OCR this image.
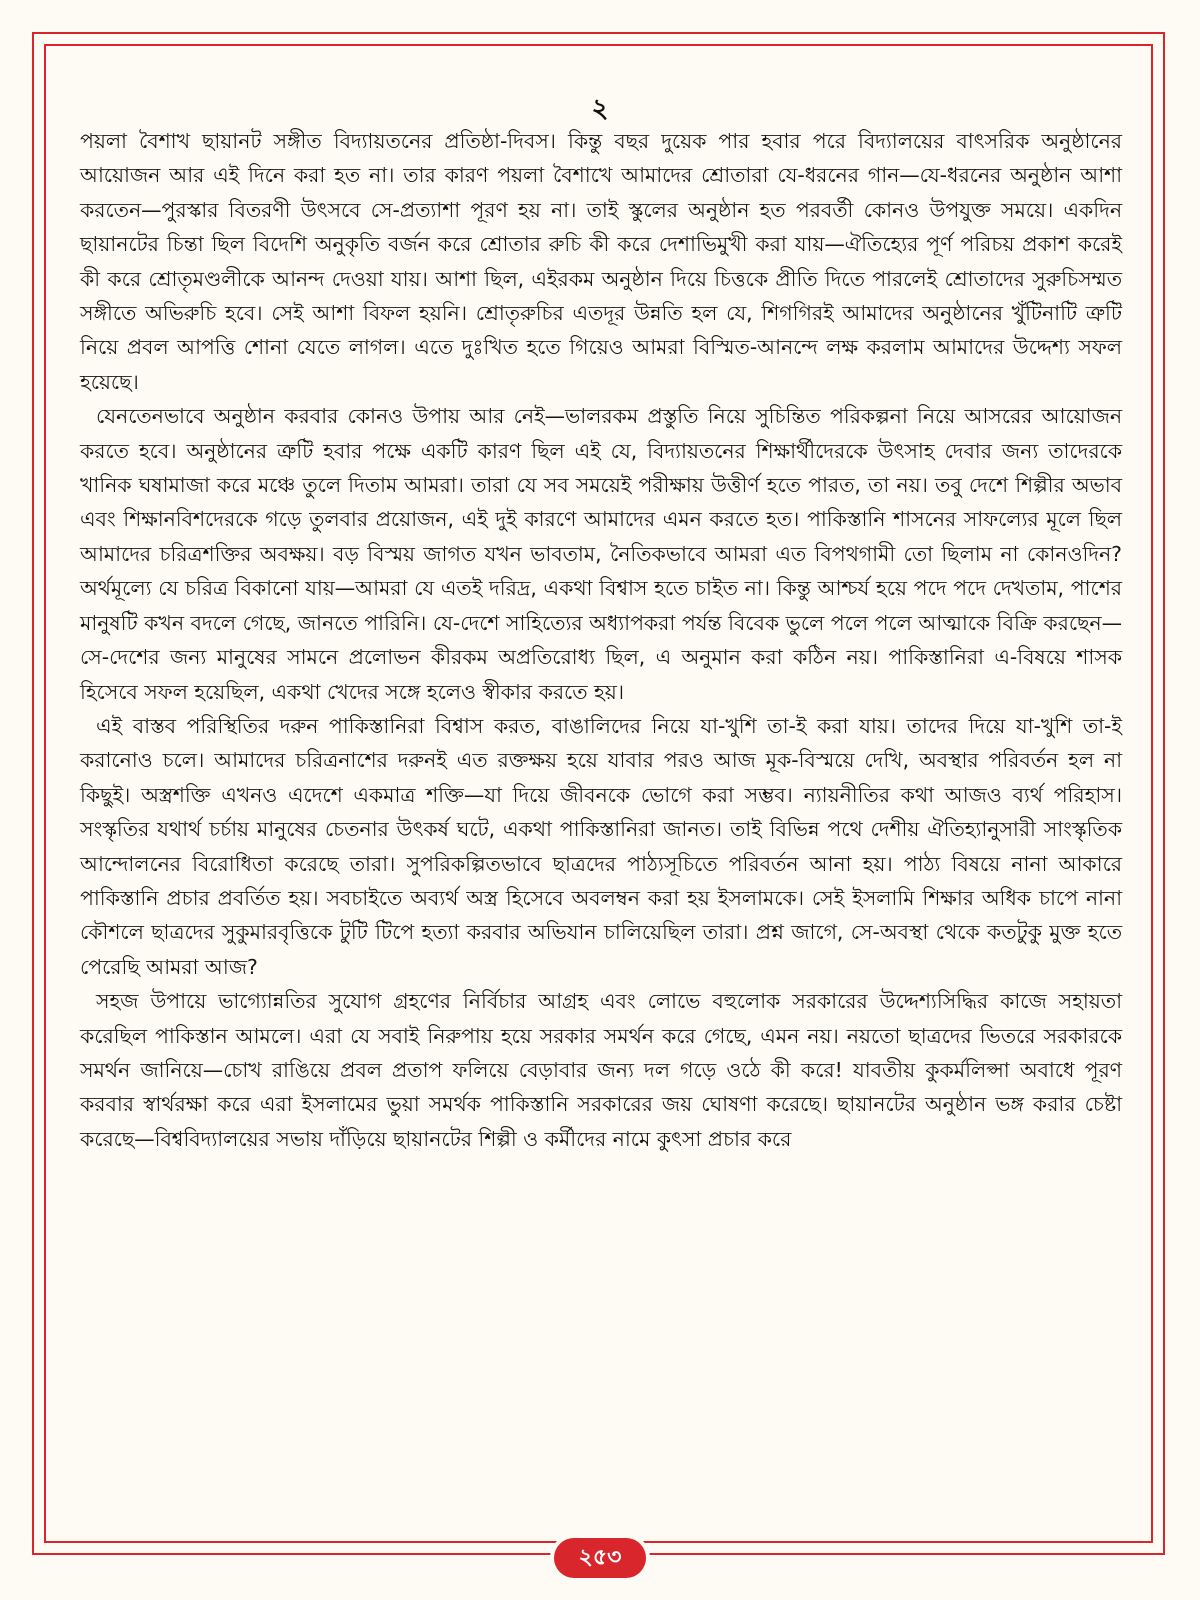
২

পয়লা বৈশাখ ছায়ানট সঙ্গীত বিদ্যায়তনের প্রতিষ্ঠা-দিবস। কিন্তু বছর দুয়েক পার হবার পরে বিদ্যালয়ের বাৎসরিক অনুষ্ঠানের আয়োজন আর এই দিনে করা হত না। তার কারণ পয়লা বৈশাখে আমাদের শ্রোতারা যে-ধরনের গান—যে-ধরনের অনুষ্ঠান আশা করতেন—পুরস্কার বিতরণী উৎসবে সে-প্রত্যাশা পূরণ হয় না। তাই স্কুলের অনুষ্ঠান হত পরবর্তী কোনও উপযুক্ত সময়ে। একদিন ছায়ানটের চিন্তা ছিল বিদেশি অনুকৃতি বর্জন করে শ্রোতার রুচি কী করে দেশাভিমুখী করা যায়—ঐতিহ্যের পূর্ণ পরিচয় প্রকাশ করেই কী করে শ্রোতৃমণ্ডলীকে আনন্দ দেওয়া যায়। আশা ছিল, এইরকম অনুষ্ঠান দিয়ে চিত্তকে প্রীতি দিতে পারলেই শ্রোতাদের সুরুচিসম্মত সঙ্গীতে অভিরুচি হবে। সেই আশা বিফল হয়নি। শ্রোতৃরুচির এতদূর উন্নতি হল যে, শিগগিরই আমাদের অনুষ্ঠানের খুঁটিনাটি ত্রুটি নিয়ে প্রবল আপত্তি শোনা যেতে লাগল। এতে দুঃখিত হতে গিয়েও আমরা বিস্মিত-আনন্দে লক্ষ করলাম আমাদের উদ্দেশ্য সফল হয়েছে।

যেনতেনভাবে অনুষ্ঠান করবার কোনও উপায় আর নেই—ভালরকম প্রস্তুতি নিয়ে সুচিন্তিত পরিকল্পনা নিয়ে আসরের আয়োজন করতে হবে। অনুষ্ঠানের ত্রুটি হবার পক্ষে একটি কারণ ছিল এই যে, বিদ্যায়তনের শিক্ষার্থীদেরকে উৎসাহ দেবার জন্য তাদেরকে খানিক ঘষামাজা করে মঞ্চে তুলে দিতাম আমরা। তারা যে সব সময়েই পরীক্ষায় উত্তীর্ণ হতে পারত, তা নয়। তবু দেশে শিল্পীর অভাব এবং শিক্ষানবিশদেরকে গড়ে তুলবার প্রয়োজন, এই দুই কারণে আমাদের এমন করতে হত। পাকিস্তানি শাসনের সাফল্যের মূলে ছিল আমাদের চরিত্রশক্তির অবক্ষয়। বড় বিস্ময় জাগত যখন ভাবতাম, নৈতিকভাবে আমরা এত বিপথগামী তো ছিলাম না কোনওদিন? অর্থমূল্যে যে চরিত্র বিকানো যায়—আমরা যে এতই দরিদ্র, একথা বিশ্বাস হতে চাইত না। কিন্তু আশ্চর্য হয়ে পদে পদে দেখতাম, পাশের মানুষটি কখন বদলে গেছে, জানতে পারিনি। যে-দেশে সাহিত্যের অধ্যাপকরা পর্যন্ত বিবেক ভুলে পলে পলে আত্মাকে বিক্রি করছেন—সে-দেশের জন্য মানুষের সামনে প্রলোভন কীরকম অপ্রতিরোধ্য ছিল, এ অনুমান করা কঠিন নয়। পাকিস্তানিরা এ-বিষয়ে শাসক হিসেবে সফল হয়েছিল, একথা খেদের সঙ্গে হলেও স্বীকার করতে হয়।

এই বাস্তব পরিস্থিতির দরুন পাকিস্তানিরা বিশ্বাস করত, বাঙালিদের নিয়ে যা-খুশি তা-ই করা যায়। তাদের দিয়ে যা-খুশি তা-ই করানোও চলে। আমাদের চরিত্রনাশের দরুনই এত রক্তক্ষয় হয়ে যাবার পরও আজ মূক-বিস্ময়ে দেখি, অবস্থার পরিবর্তন হল না কিছুই। অস্ত্রশক্তি এখনও এদেশে একমাত্র শক্তি—যা দিয়ে জীবনকে ভোগে করা সম্ভব। ন্যায়নীতির কথা আজও ব্যর্থ পরিহাস। সংস্কৃতির যথার্থ চর্চায় মানুষের চেতনার উৎকর্ষ ঘটে, একথা পাকিস্তানিরা জানত। তাই বিভিন্ন পথে দেশীয় ঐতিহ্যানুসারী সাংস্কৃতিক আন্দোলনের বিরোধিতা করেছে তারা। সুপরিকল্পিতভাবে ছাত্রদের পাঠ্যসূচিতে পরিবর্তন আনা হয়। পাঠ্য বিষয়ে নানা আকারে পাকিস্তানি প্রচার প্রবর্তিত হয়। সবচাইতে অব্যর্থ অস্ত্র হিসেবে অবলম্বন করা হয় ইসলামকে। সেই ইসলামি শিক্ষার অধিক চাপে নানা কৌশলে ছাত্রদের সুকুমারবৃত্তিকে টুটি টিপে হত্যা করবার অভিযান চালিয়েছিল তারা। প্রশ্ন জাগে, সে-অবস্থা থেকে কতটুকু মুক্ত হতে পেরেছি আমরা আজ?

সহজ উপায়ে ভাগ্যোন্নতির সুযোগ গ্রহণের নির্বিচার আগ্রহ এবং লোভে বহুলোক সরকারের উদ্দেশ্যসিদ্ধির কাজে সহায়তা করেছিল পাকিস্তান আমলে। এরা যে সবাই নিরুপায় হয়ে সরকার সমর্থন করে গেছে, এমন নয়। নয়তো ছাত্রদের ভিতরে সরকারকে সমর্থন জানিয়ে—চোখ রাঙিয়ে প্রবল প্রতাপ ফলিয়ে বেড়াবার জন্য দল গড়ে ওঠে কী করে! যাবতীয় কুকর্মলিপ্সা অবাধে পূরণ করবার স্বার্থরক্ষা করে এরা ইসলামের ভুয়া সমর্থক পাকিস্তানি সরকারের জয় ঘোষণা করেছে। ছায়ানটের অনুষ্ঠান ভঙ্গ করার চেষ্টা করেছে—বিশ্ববিদ্যালয়ের সভায় দাঁড়িয়ে ছায়ানটের শিল্পী ও কর্মীদের নামে কুৎসা প্রচার করে

২৫৩
